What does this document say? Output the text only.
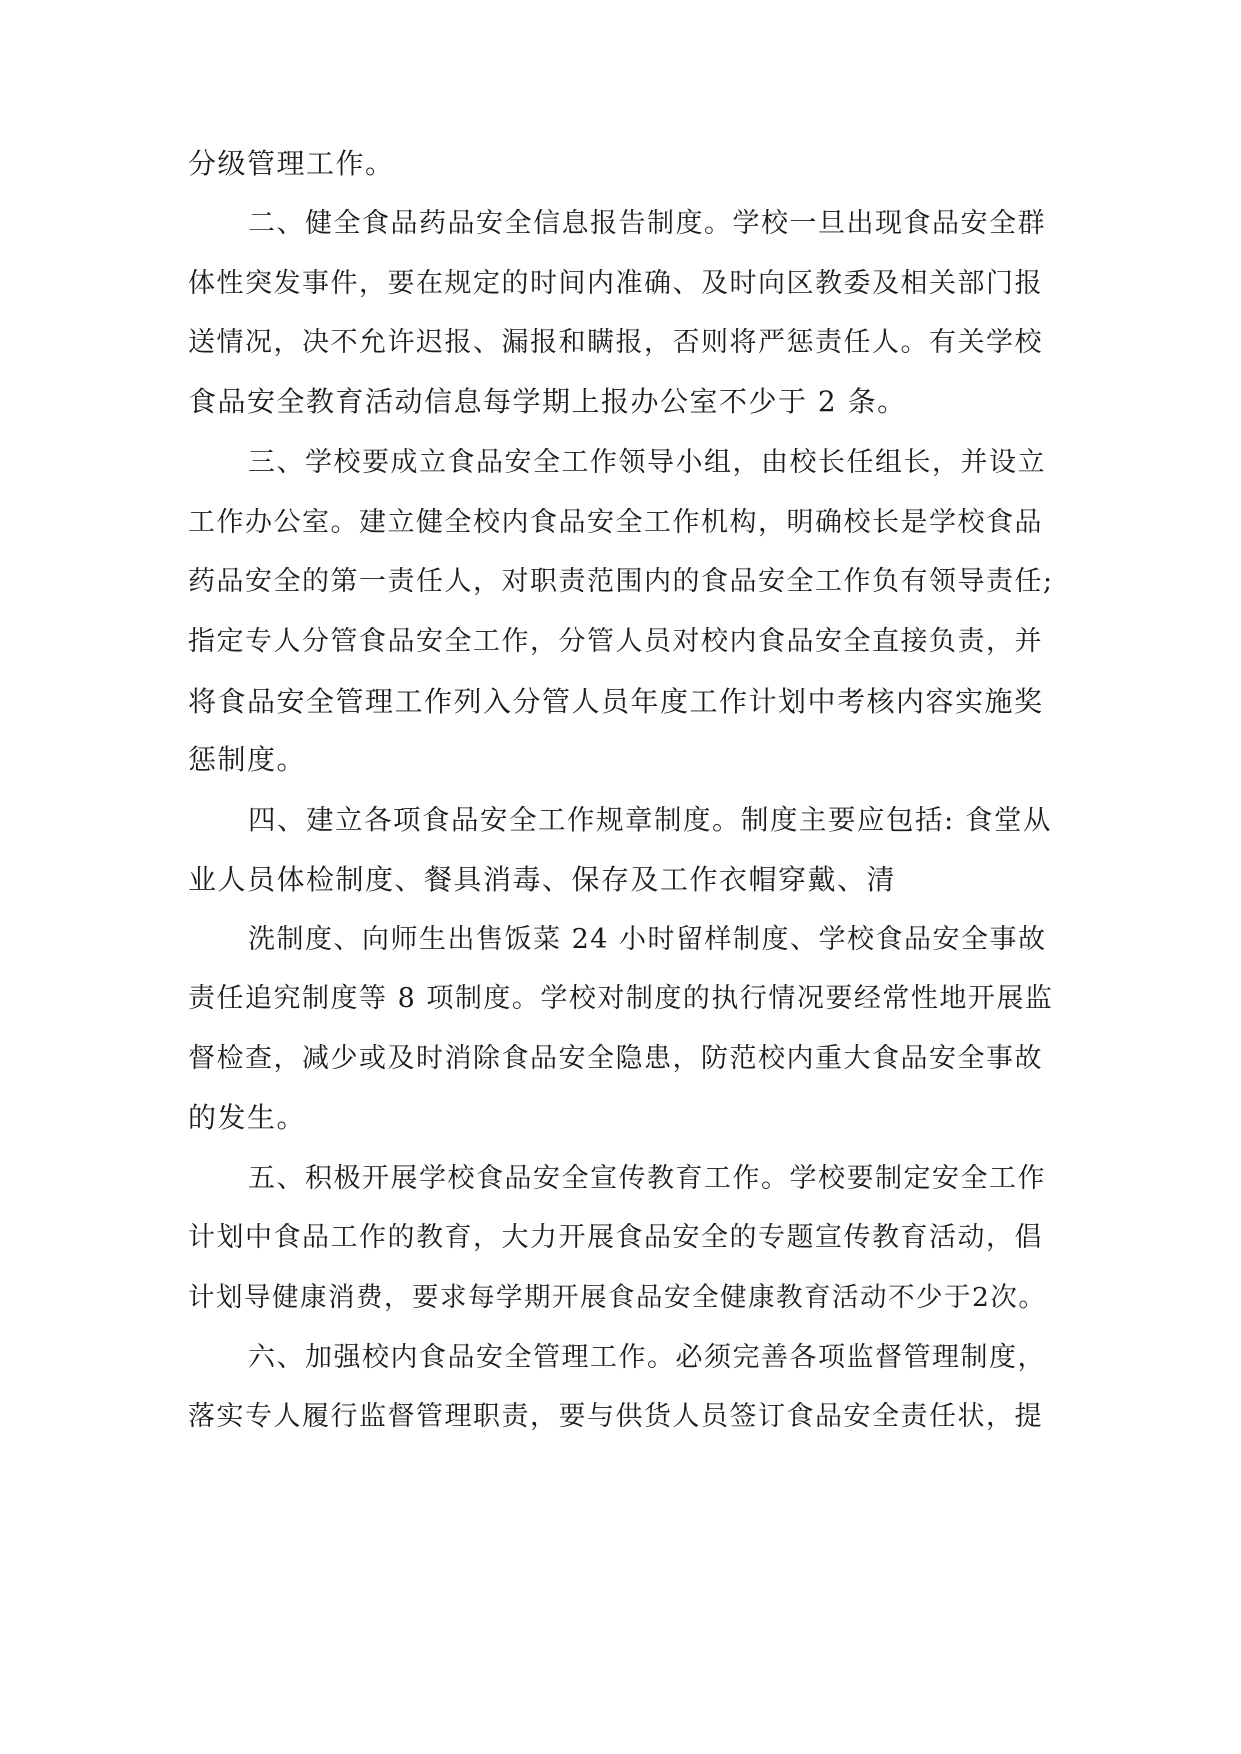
分级管理工作。
二、健全食品药品安全信息报告制度。学校一旦出现食品安全群
体性突发事件，要在规定的时间内准确、及时向区教委及相关部门报
送情况，决不允许迟报、漏报和瞒报，否则将严惩责任人。有关学校
食品安全教育活动信息每学期上报办公室不少于 2 条。
三、学校要成立食品安全工作领导小组，由校长任组长，并设立
工作办公室。建立健全校内食品安全工作机构，明确校长是学校食品
药品安全的第一责任人，对职责范围内的食品安全工作负有领导责任;
指定专人分管食品安全工作，分管人员对校内食品安全直接负责，并
将食品安全管理工作列入分管人员年度工作计划中考核内容实施奖
惩制度。
四、建立各项食品安全工作规章制度。制度主要应包括: 食堂从
业人员体检制度、餐具消毒、保存及工作衣帽穿戴、清
洗制度、向师生出售饭菜 24 小时留样制度、学校食品安全事故
责任追究制度等 8 项制度。学校对制度的执行情况要经常性地开展监
督检查，减少或及时消除食品安全隐患，防范校内重大食品安全事故
的发生。
五、积极开展学校食品安全宣传教育工作。学校要制定安全工作
计划中食品工作的教育，大力开展食品安全的专题宣传教育活动，倡
计划导健康消费，要求每学期开展食品安全健康教育活动不少于2次。
六、加强校内食品安全管理工作。必须完善各项监督管理制度，
落实专人履行监督管理职责，要与供货人员签订食品安全责任状，提
